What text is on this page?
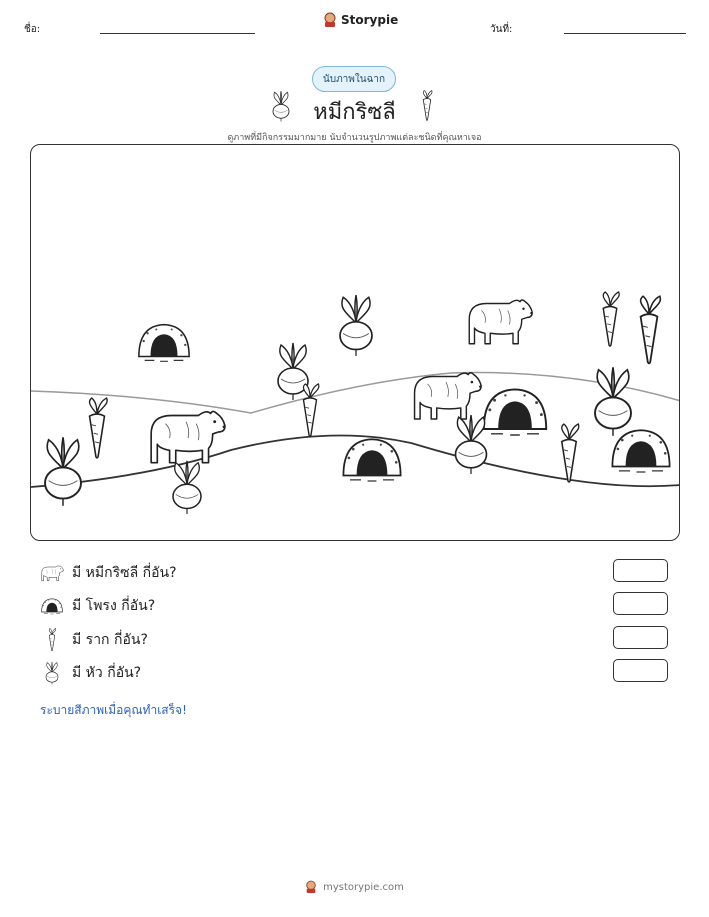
ชื่อ:
Storypie
วันที่:
นับภาพในฉาก
หมีกริซลี
ดูภาพที่มีกิจกรรมมากมาย นับจำนวนรูปภาพแต่ละชนิดที่คุณหาเจอ
มี หมีกริซลี กี่อัน?
มี โพรง กี่อัน?
มี ราก กี่อัน?
มี หัว กี่อัน?
ระบายสีภาพเมื่อคุณทำเสร็จ!
mystorypie.com
